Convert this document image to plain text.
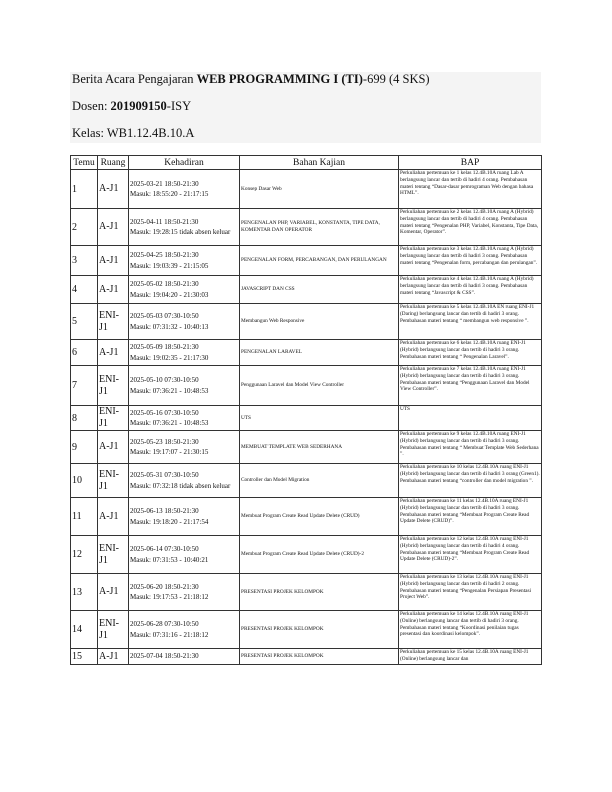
Berita Acara Pengajaran WEB PROGRAMMING I (TI)-699 (4 SKS)
Dosen: 201909150-ISY
Kelas: WB1.12.4B.10.A
Temu	Ruang	Kehadiran	Bahan Kajian	BAP
1	A-J1	2025-03-21 18:50-21:30
Masuk: 18:55:20 - 21:17:15	Konsep Dasar Web	Perkuliahan pertemuan ke 1 kelas 12.4B.10A ruang Lab A berlangsung lancar dan tertib di hadiri 4 orang. Pembahasan materi tentang “Dasar-dasar pemrograman Web dengan bahasa HTML”.
2	A-J1	2025-04-11 18:50-21:30
Masuk: 19:28:15 tidak absen keluar	PENGENALAN PHP, VARIABEL, KONSTANTA, TIPE DATA, KOMENTAR DAN OPERATOR	Perkuliahan pertemuan ke 2 kelas 12.4B.10A ruang A (Hybrid) berlangsung lancar dan tertib di hadiri 4 orang. Pembahasan materi tentang “Pengenalan PHP, Variabel, Konstanta, Tipe Data, Komentar, Operator”.
3	A-J1	2025-04-25 18:50-21:30
Masuk: 19:03:39 - 21:15:05	PENGENALAN FORM, PERCABANGAN, DAN PERULANGAN	Perkuliahan pertemuan ke 3 kelas 12.4B.10A ruang A (Hybrid) berlangsung lancar dan tertib di hadiri 3 orang. Pembahasan materi tentang “Pengenalan form, percabangan dan perulangan”.
4	A-J1	2025-05-02 18:50-21:30
Masuk: 19:04:20 - 21:30:03	JAVASCRIPT DAN CSS	Perkuliahan pertemuan ke 4 kelas 12.4B.10A ruang A (Hybrid) berlangsung lancar dan tertib di hadiri 3 orang. Pembahasan materi tentang “Javascript & CSS”.
5	ENI-J1	2025-05-03 07:30-10:50
Masuk: 07:31:32 - 10:40:13	Membangun Web Responsive	Perkuliahan pertemuan ke 5 kelas 12.4B.10A EN ruang ENI-J1 (Daring) berlangsung lancar dan tertib di hadiri 3 orang. Pembahasan materi tentang “ membangun web responsive ”.
6	A-J1	2025-05-09 18:50-21:30
Masuk: 19:02:35 - 21:17:30	PENGENALAN LARAVEL	Perkuliahan pertemuan ke 6 kelas 12.4B.10A ruang ENI-J1 (Hybrid) berlangsung lancar dan tertib di hadiri 3 orang. Pembahasan materi tentang “ Pengenalan Laravel”.
7	ENI-J1	2025-05-10 07:30-10:50
Masuk: 07:36:21 - 10:48:53	Penggunaan Laravel dan Model View Controller	Perkuliahan pertemuan ke 7 kelas 12.4B.10A ruang ENI-J1 (Hybrid) berlangsung lancar dan tertib di hadiri 3 orang. Pembahasan materi tentang “Penggunaan Laravel dan Model View Controller”.
8	ENI-J1	2025-05-16 07:30-10:50
Masuk: 07:36:21 - 10:48:53	UTS	UTS
9	A-J1	2025-05-23 18:50-21:30
Masuk: 19:17:07 - 21:30:15	MEMBUAT TEMPLATE WEB SEDERHANA	Perkuliahan pertemuan ke 9 kelas 12.4B.10A ruang ENI-J1 (Hybrid) berlangsung lancar dan tertib di hadiri 3 orang. Pembahasan materi tentang “ Membuat Template Web Sederhana ”.
10	ENI-J1	2025-05-31 07:30-10:50
Masuk: 07:32:18 tidak absen keluar	Controller dan Model Migration	Perkuliahan pertemuan ke 10 kelas 12.4B.10A ruang ENI-J1 (Hybrid) berlangsung lancar dan tertib di hadiri 3 orang (Green1). Pembahasan materi tentang “controller dan model migration ”.
11	A-J1	2025-06-13 18:50-21:30
Masuk: 19:18:20 - 21:17:54	Membuat Program Create Read Update Delete (CRUD)	Perkuliahan pertemuan ke 11 kelas 12.4B.10A ruang ENI-J1 (Hybrid) berlangsung lancar dan tertib di hadiri 3 orang. Pembahasan materi tentang “Membuat Program Create Read Update Delete (CRUD)”.
12	ENI-J1	2025-06-14 07:30-10:50
Masuk: 07:31:53 - 10:40:21	Membuat Program Create Read Update Delete (CRUD)-2	Perkuliahan pertemuan ke 12 kelas 12.4B.10A ruang ENI-J1 (Hybrid) berlangsung lancar dan tertib di hadiri 4 orang. Pembahasan materi tentang “Membuat Program Create Read Update Delete (CRUD)-2”.
13	A-J1	2025-06-20 18:50-21:30
Masuk: 19:17:53 - 21:18:12	PRESENTASI PROJEK KELOMPOK	Perkuliahan pertemuan ke 13 kelas 12.4B.10A ruang ENI-J1 (Hybrid) berlangsung lancar dan tertib di hadiri 2 orang. Pembahasan materi tentang “Pengenalan Persiapan Presentasi Project Web”.
14	ENI-J1	2025-06-28 07:30-10:50
Masuk: 07:31:16 - 21:18:12	PRESENTASI PROJEK KELOMPOK	Perkuliahan pertemuan ke 14 kelas 12.4B.10A ruang ENI-J1 (Online) berlangsung lancar dan tertib di hadiri 3 orang. Pembahasan materi tentang “Koordinasi penilaian tugas presentasi dan koordinasi kelompok”.
15	A-J1	2025-07-04 18:50-21:30	PRESENTASI PROJEK KELOMPOK	Perkuliahan pertemuan ke 15 kelas 12.4B.10A ruang ENI-J1 (Online) berlangsung lancar dan
